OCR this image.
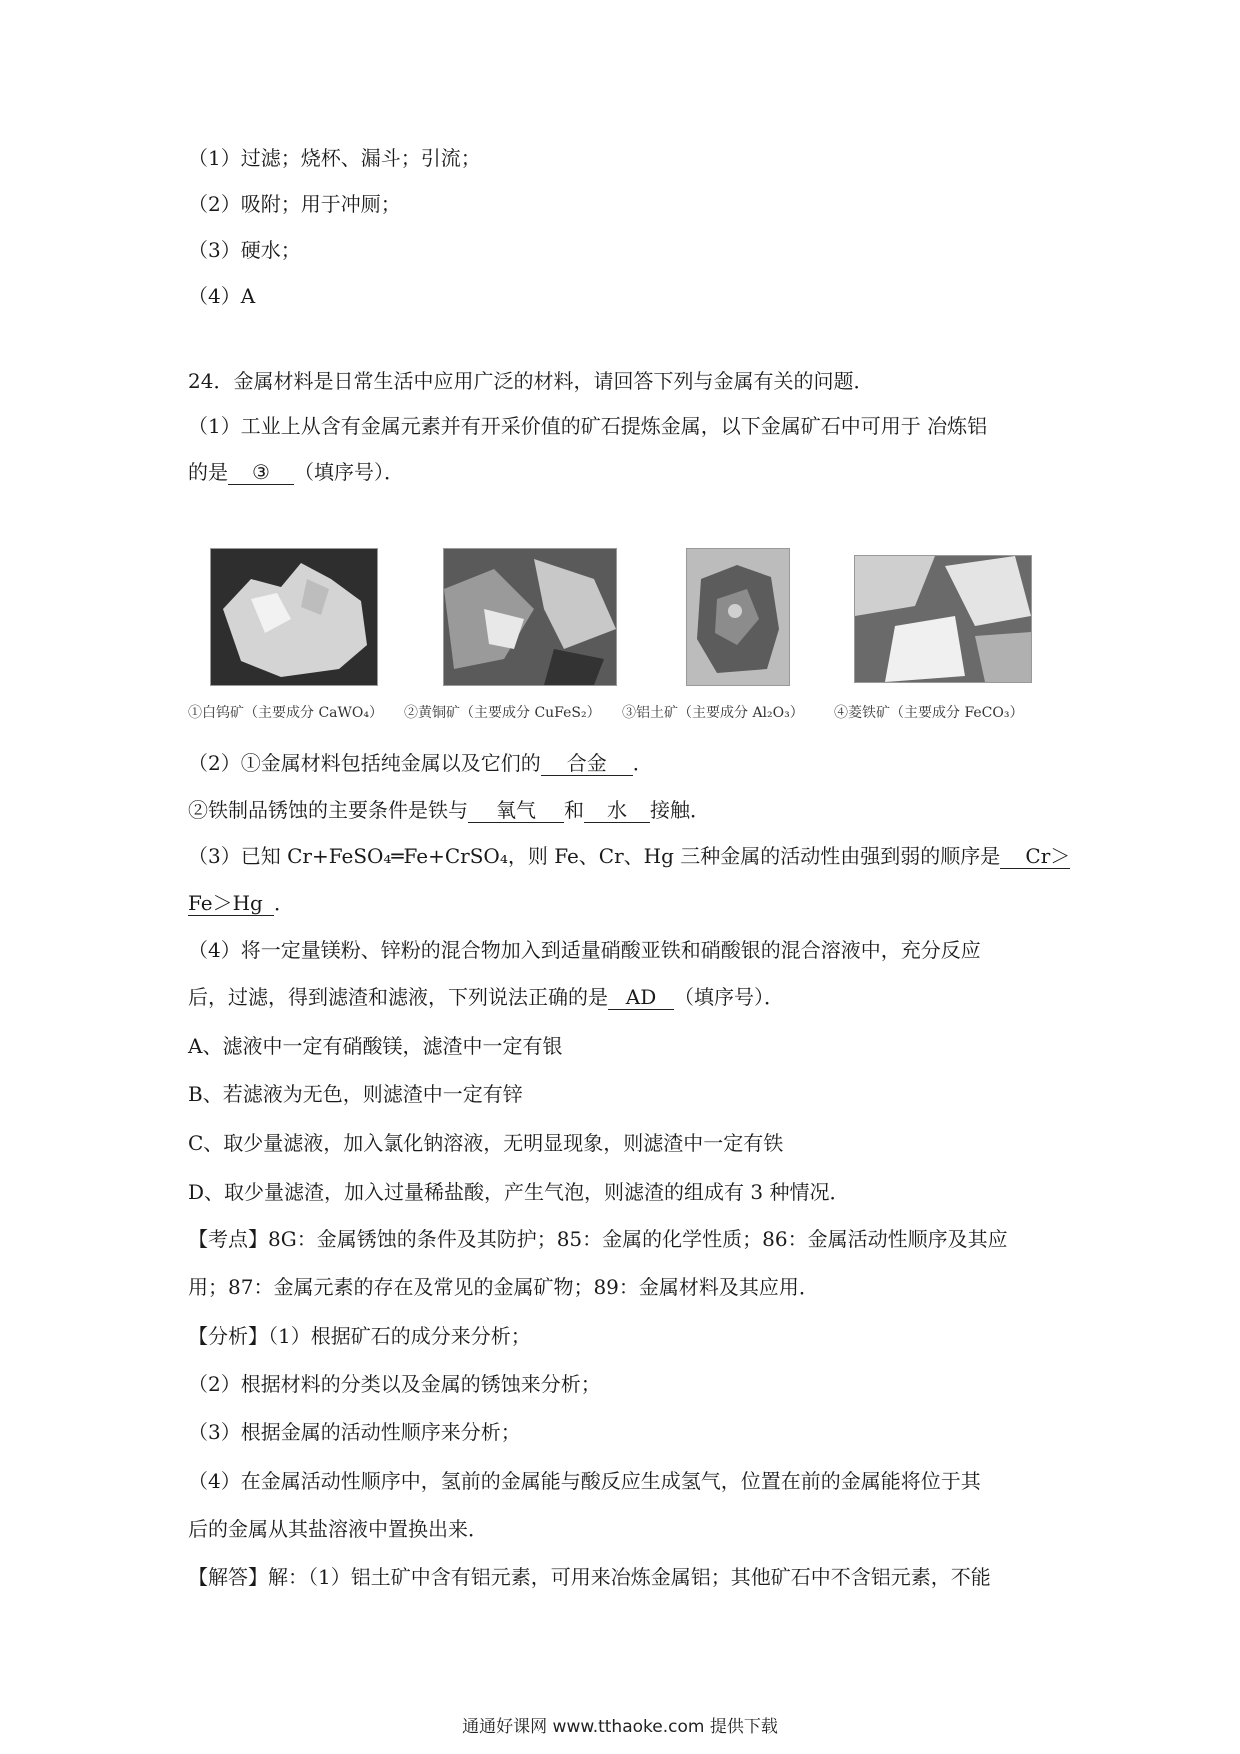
（1）过滤；烧杯、漏斗；引流；
（2）吸附；用于冲厕；
（3）硬水；
（4）A
24．金属材料是日常生活中应用广泛的材料，请回答下列与金属有关的问题．
（1）工业上从含有金属元素并有开采价值的矿石提炼金属，以下金属矿石中可用于 冶炼铝
的是 ③ （填序号）．
①白钨矿（主要成分 CaWO₄） ②黄铜矿（主要成分 CuFeS₂） ③铝土矿（主要成分 Al₂O₃） ④菱铁矿（主要成分 FeCO₃）
（2）①金属材料包括纯金属以及它们的 合金 ．
②铁制品锈蚀的主要条件是铁与 氧气 和 水 接触．
（3）已知 Cr+FeSO₄═Fe+CrSO₄，则 Fe、Cr、Hg 三种金属的活动性由强到弱的顺序是 Cr＞
Fe＞Hg ．
（4）将一定量镁粉、锌粉的混合物加入到适量硝酸亚铁和硝酸银的混合溶液中，充分反应
后，过滤，得到滤渣和滤液，下列说法正确的是 AD （填序号）．
A、滤液中一定有硝酸镁，滤渣中一定有银
B、若滤液为无色，则滤渣中一定有锌
C、取少量滤液，加入氯化钠溶液，无明显现象，则滤渣中一定有铁
D、取少量滤渣，加入过量稀盐酸，产生气泡，则滤渣的组成有 3 种情况．
【考点】8G：金属锈蚀的条件及其防护；85：金属的化学性质；86：金属活动性顺序及其应
用；87：金属元素的存在及常见的金属矿物；89：金属材料及其应用．
【分析】（1）根据矿石的成分来分析；
（2）根据材料的分类以及金属的锈蚀来分析；
（3）根据金属的活动性顺序来分析；
（4）在金属活动性顺序中，氢前的金属能与酸反应生成氢气，位置在前的金属能将位于其
后的金属从其盐溶液中置换出来．
【解答】解：（1）铝土矿中含有铝元素，可用来冶炼金属铝；其他矿石中不含铝元素，不能
通通好课网 www.tthaoke.com 提供下载
